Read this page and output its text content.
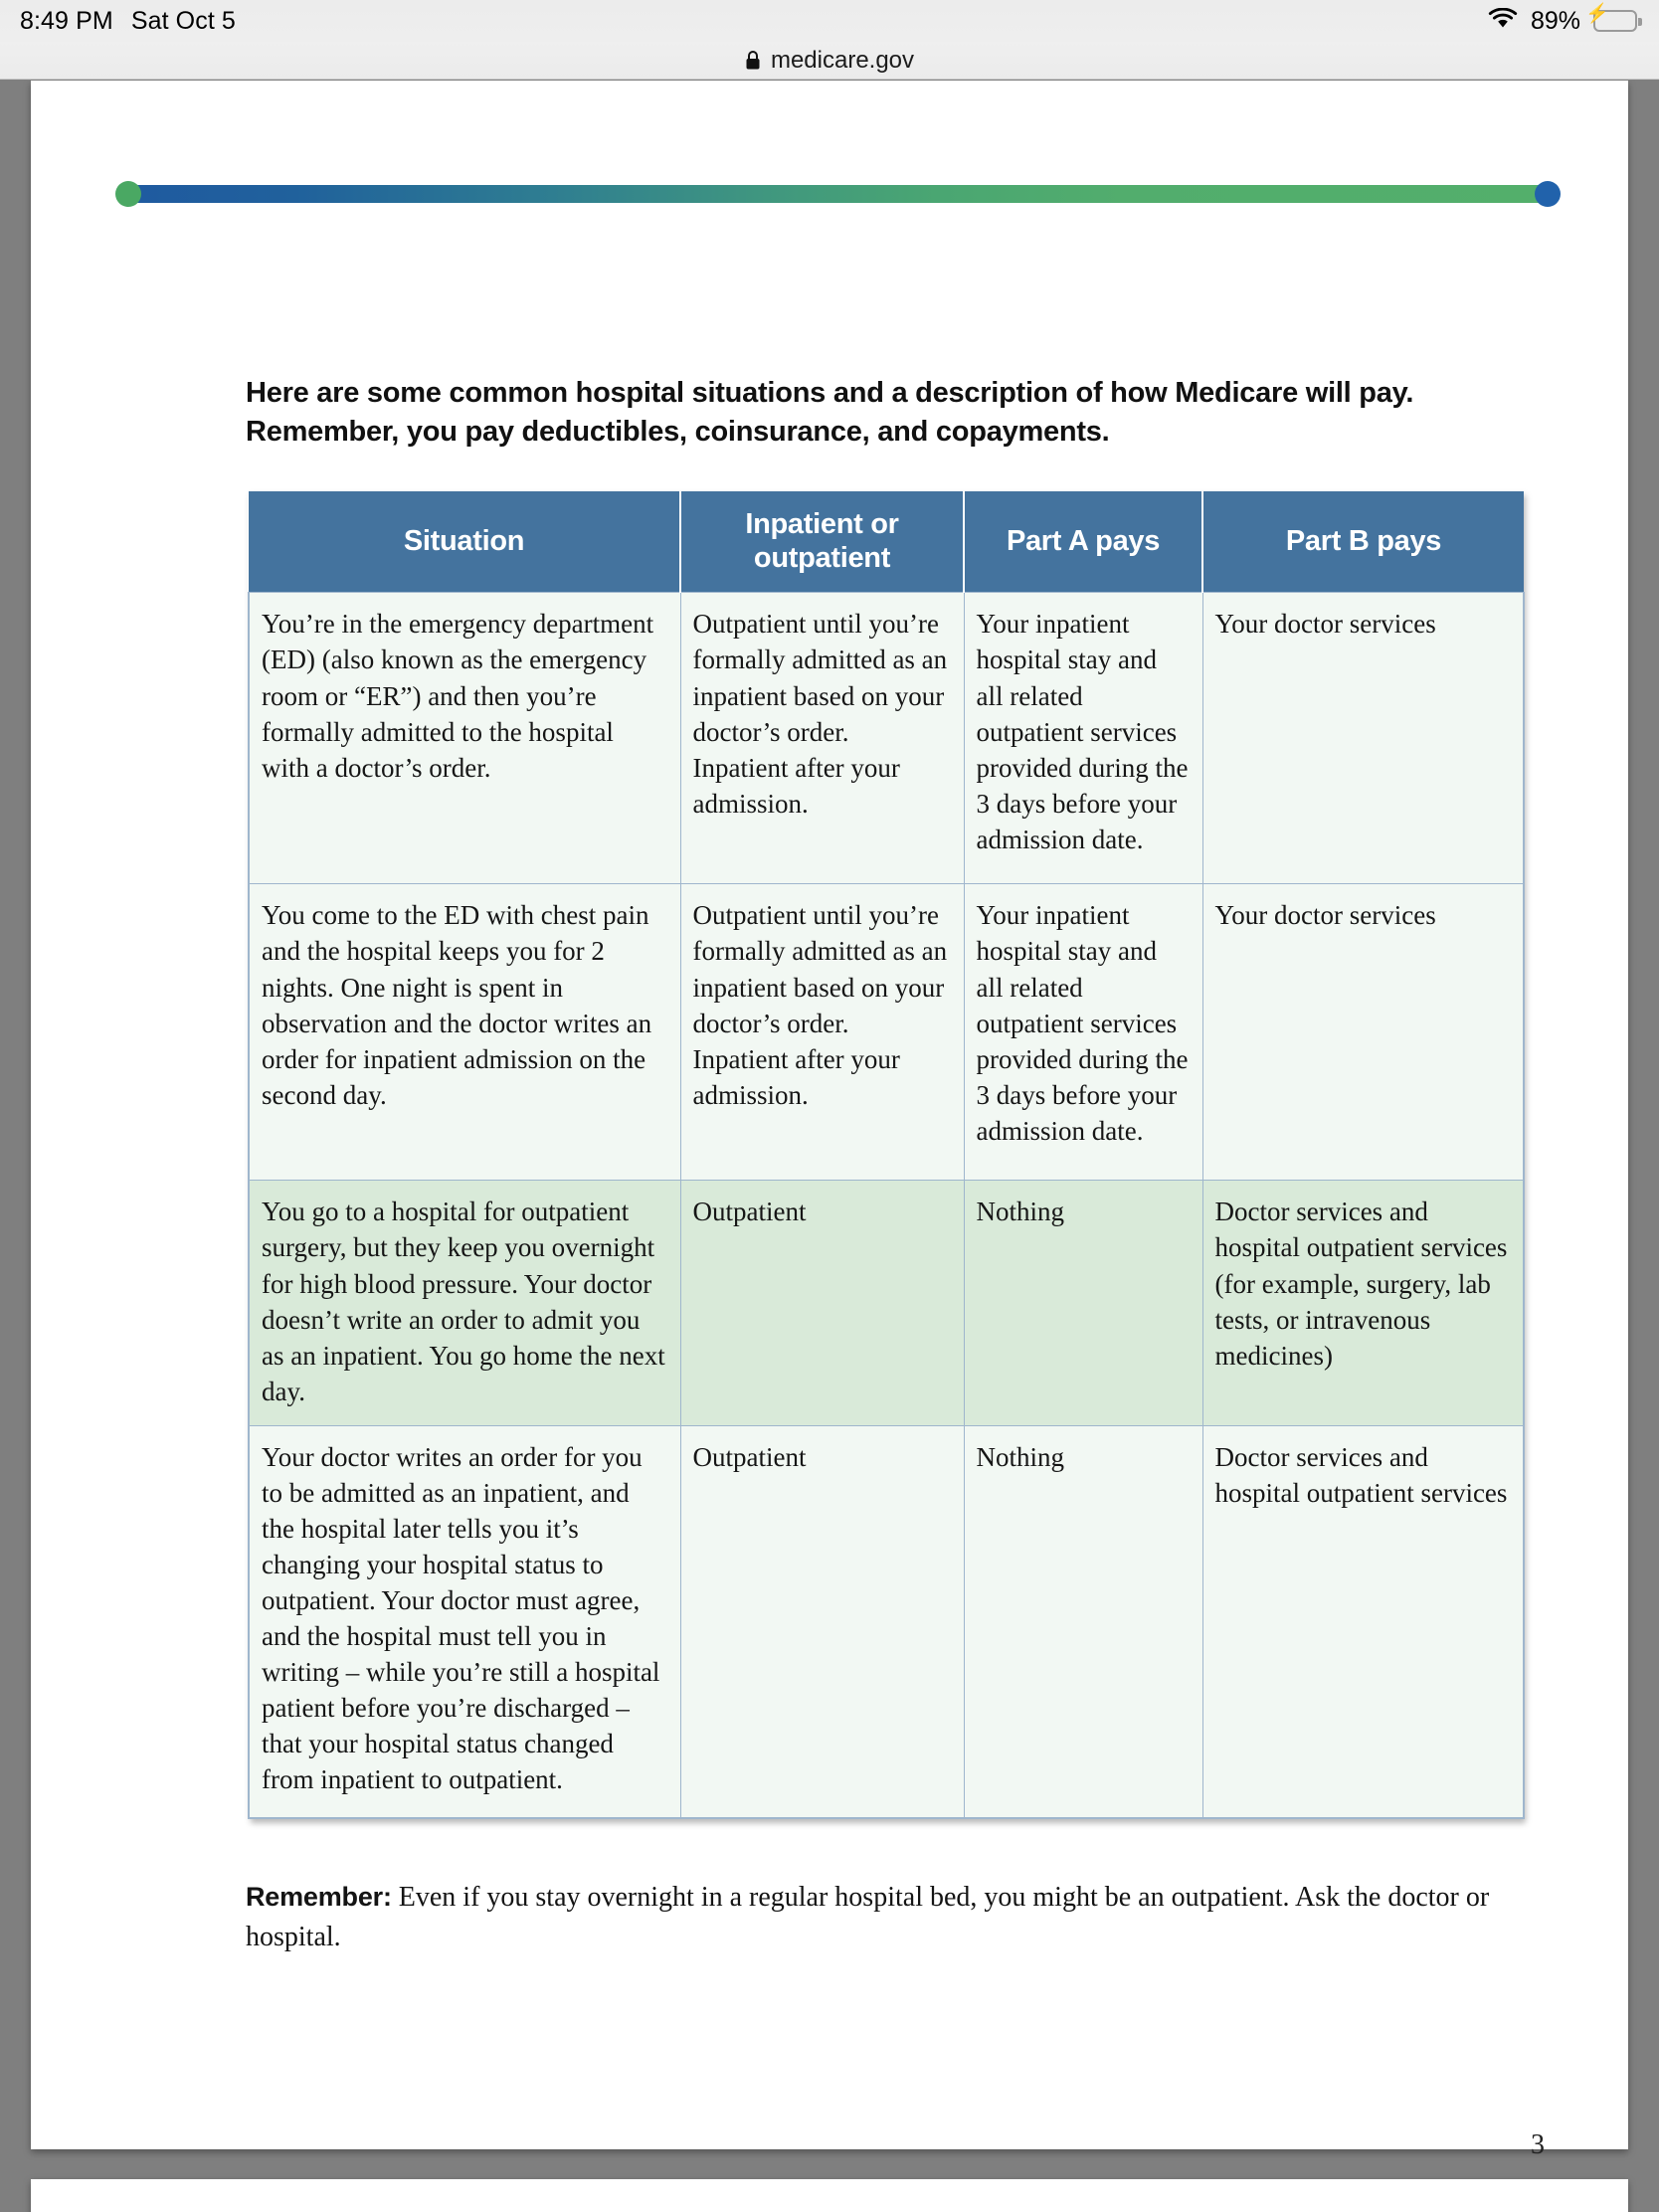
8:49 PM Sat Oct 5	89% ⚡
medicare.gov
Here are some common hospital situations and a description of how Medicare will pay. Remember, you pay deductibles, coinsurance, and copayments.
Situation	Inpatient or outpatient	Part A pays	Part B pays
You’re in the emergency department (ED) (also known as the emergency room or “ER”) and then you’re formally admitted to the hospital with a doctor’s order.	Outpatient until you’re formally admitted as an inpatient based on your doctor’s order. Inpatient after your admission.	Your inpatient hospital stay and all related outpatient services provided during the 3 days before your admission date.	Your doctor services
You come to the ED with chest pain and the hospital keeps you for 2 nights. One night is spent in observation and the doctor writes an order for inpatient admission on the second day.	Outpatient until you’re formally admitted as an inpatient based on your doctor’s order. Inpatient after your admission.	Your inpatient hospital stay and all related outpatient services provided during the 3 days before your admission date.	Your doctor services
You go to a hospital for outpatient surgery, but they keep you overnight for high blood pressure. Your doctor doesn’t write an order to admit you as an inpatient. You go home the next day.	Outpatient	Nothing	Doctor services and hospital outpatient services (for example, surgery, lab tests, or intravenous medicines)
Your doctor writes an order for you to be admitted as an inpatient, and the hospital later tells you it’s changing your hospital status to outpatient. Your doctor must agree, and the hospital must tell you in writing – while you’re still a hospital patient before you’re discharged – that your hospital status changed from inpatient to outpatient.	Outpatient	Nothing	Doctor services and hospital outpatient services
Remember: Even if you stay overnight in a regular hospital bed, you might be an outpatient. Ask the doctor or hospital.
3
